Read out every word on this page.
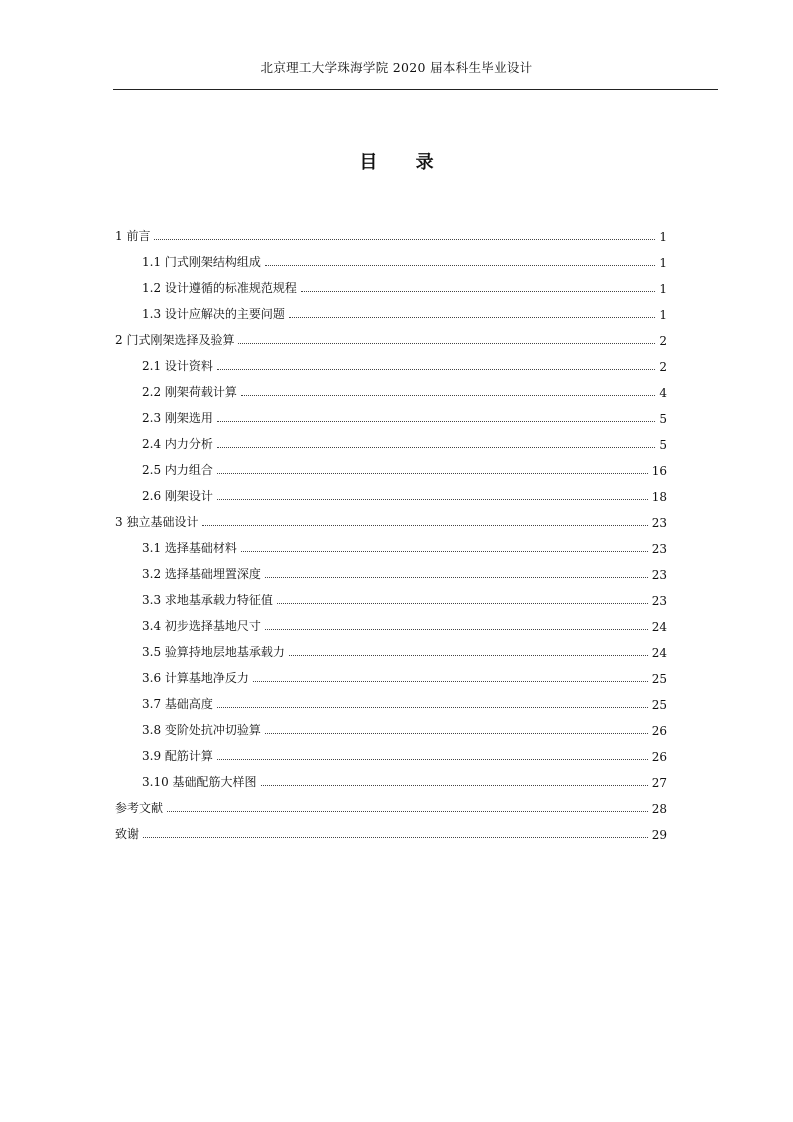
北京理工大学珠海学院 2020 届本科生毕业设计
目 录
1 前言	1
1.1 门式刚架结构组成	1
1.2 设计遵循的标准规范规程	1
1.3 设计应解决的主要问题	1
2 门式刚架选择及验算	2
2.1 设计资料	2
2.2 刚架荷载计算	4
2.3 刚架选用	5
2.4 内力分析	5
2.5 内力组合	16
2.6 刚架设计	18
3 独立基础设计	23
3.1 选择基础材料	23
3.2 选择基础埋置深度	23
3.3 求地基承载力特征值	23
3.4 初步选择基地尺寸	24
3.5 验算持地层地基承载力	24
3.6 计算基地净反力	25
3.7 基础高度	25
3.8 变阶处抗冲切验算	26
3.9 配筋计算	26
3.10 基础配筋大样图	27
参考文献	28
致谢	29
